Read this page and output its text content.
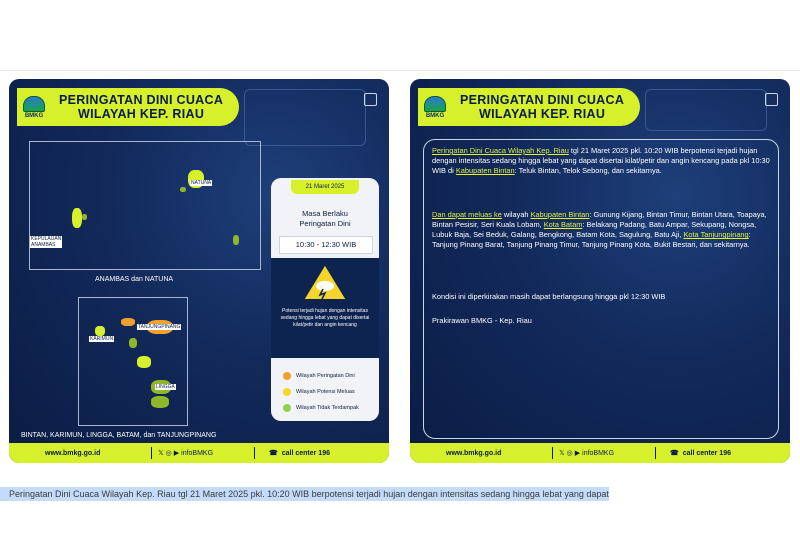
BMKG
PERINGATAN DINI CUACA
WILAYAH KEP. RIAU
NATUNA
KEPULAUAN
ANAMBAS
ANAMBAS dan NATUNA
KARIMUN
TANJUNGPINANG
LINGGA
BINTAN, KARIMUN, LINGGA, BATAM, dan TANJUNGPINANG
21 Maret 2025
Masa Berlaku
Peringatan Dini
10:30 - 12:30 WIB
Potensi terjadi hujan dengan intensitas sedang hingga lebat yang dapat disertai kilat/petir dan angin kencang
Wilayah Peringatan Dini
Wilayah Potensi Meluas
Wilayah Tidak Terdampak
www.bmkg.go.id	𝕏 ◎ ▶ infoBMKG	☎ call center 196
BMKG
PERINGATAN DINI CUACA
WILAYAH KEP. RIAU
Peringatan Dini Cuaca Wilayah Kep. Riau tgl 21 Maret 2025 pkl. 10:20 WIB berpotensi terjadi hujan dengan intensitas sedang hingga lebat yang dapat disertai kilat/petir dan angin kencang pada pkl 10:30 WIB di Kabupaten Bintan: Teluk Bintan, Telok Sebong, dan sekitarnya.
Dan dapat meluas ke wilayah Kabupaten Bintan: Gunung Kijang, Bintan Timur, Bintan Utara, Toapaya, Bintan Pesisir, Seri Kuala Lobam, Kota Batam: Belakang Padang, Batu Ampar, Sekupang, Nongsa, Lubuk Baja, Sei Beduk, Galang, Bengkong, Batam Kota, Sagulung, Batu Aji, Kota Tanjungpinang: Tanjung Pinang Barat, Tanjung Pinang Timur, Tanjung Pinang Kota, Bukit Bestari, dan sekitarnya.
Kondisi ini diperkirakan masih dapat berlangsung hingga pkl 12:30 WIB
Prakirawan BMKG - Kep. Riau
www.bmkg.go.id	𝕏 ◎ ▶ infoBMKG	☎ call center 196
Peringatan Dini Cuaca Wilayah Kep. Riau tgl 21 Maret 2025 pkl. 10:20 WIB berpotensi terjadi hujan dengan intensitas sedang hingga lebat yang dapat
